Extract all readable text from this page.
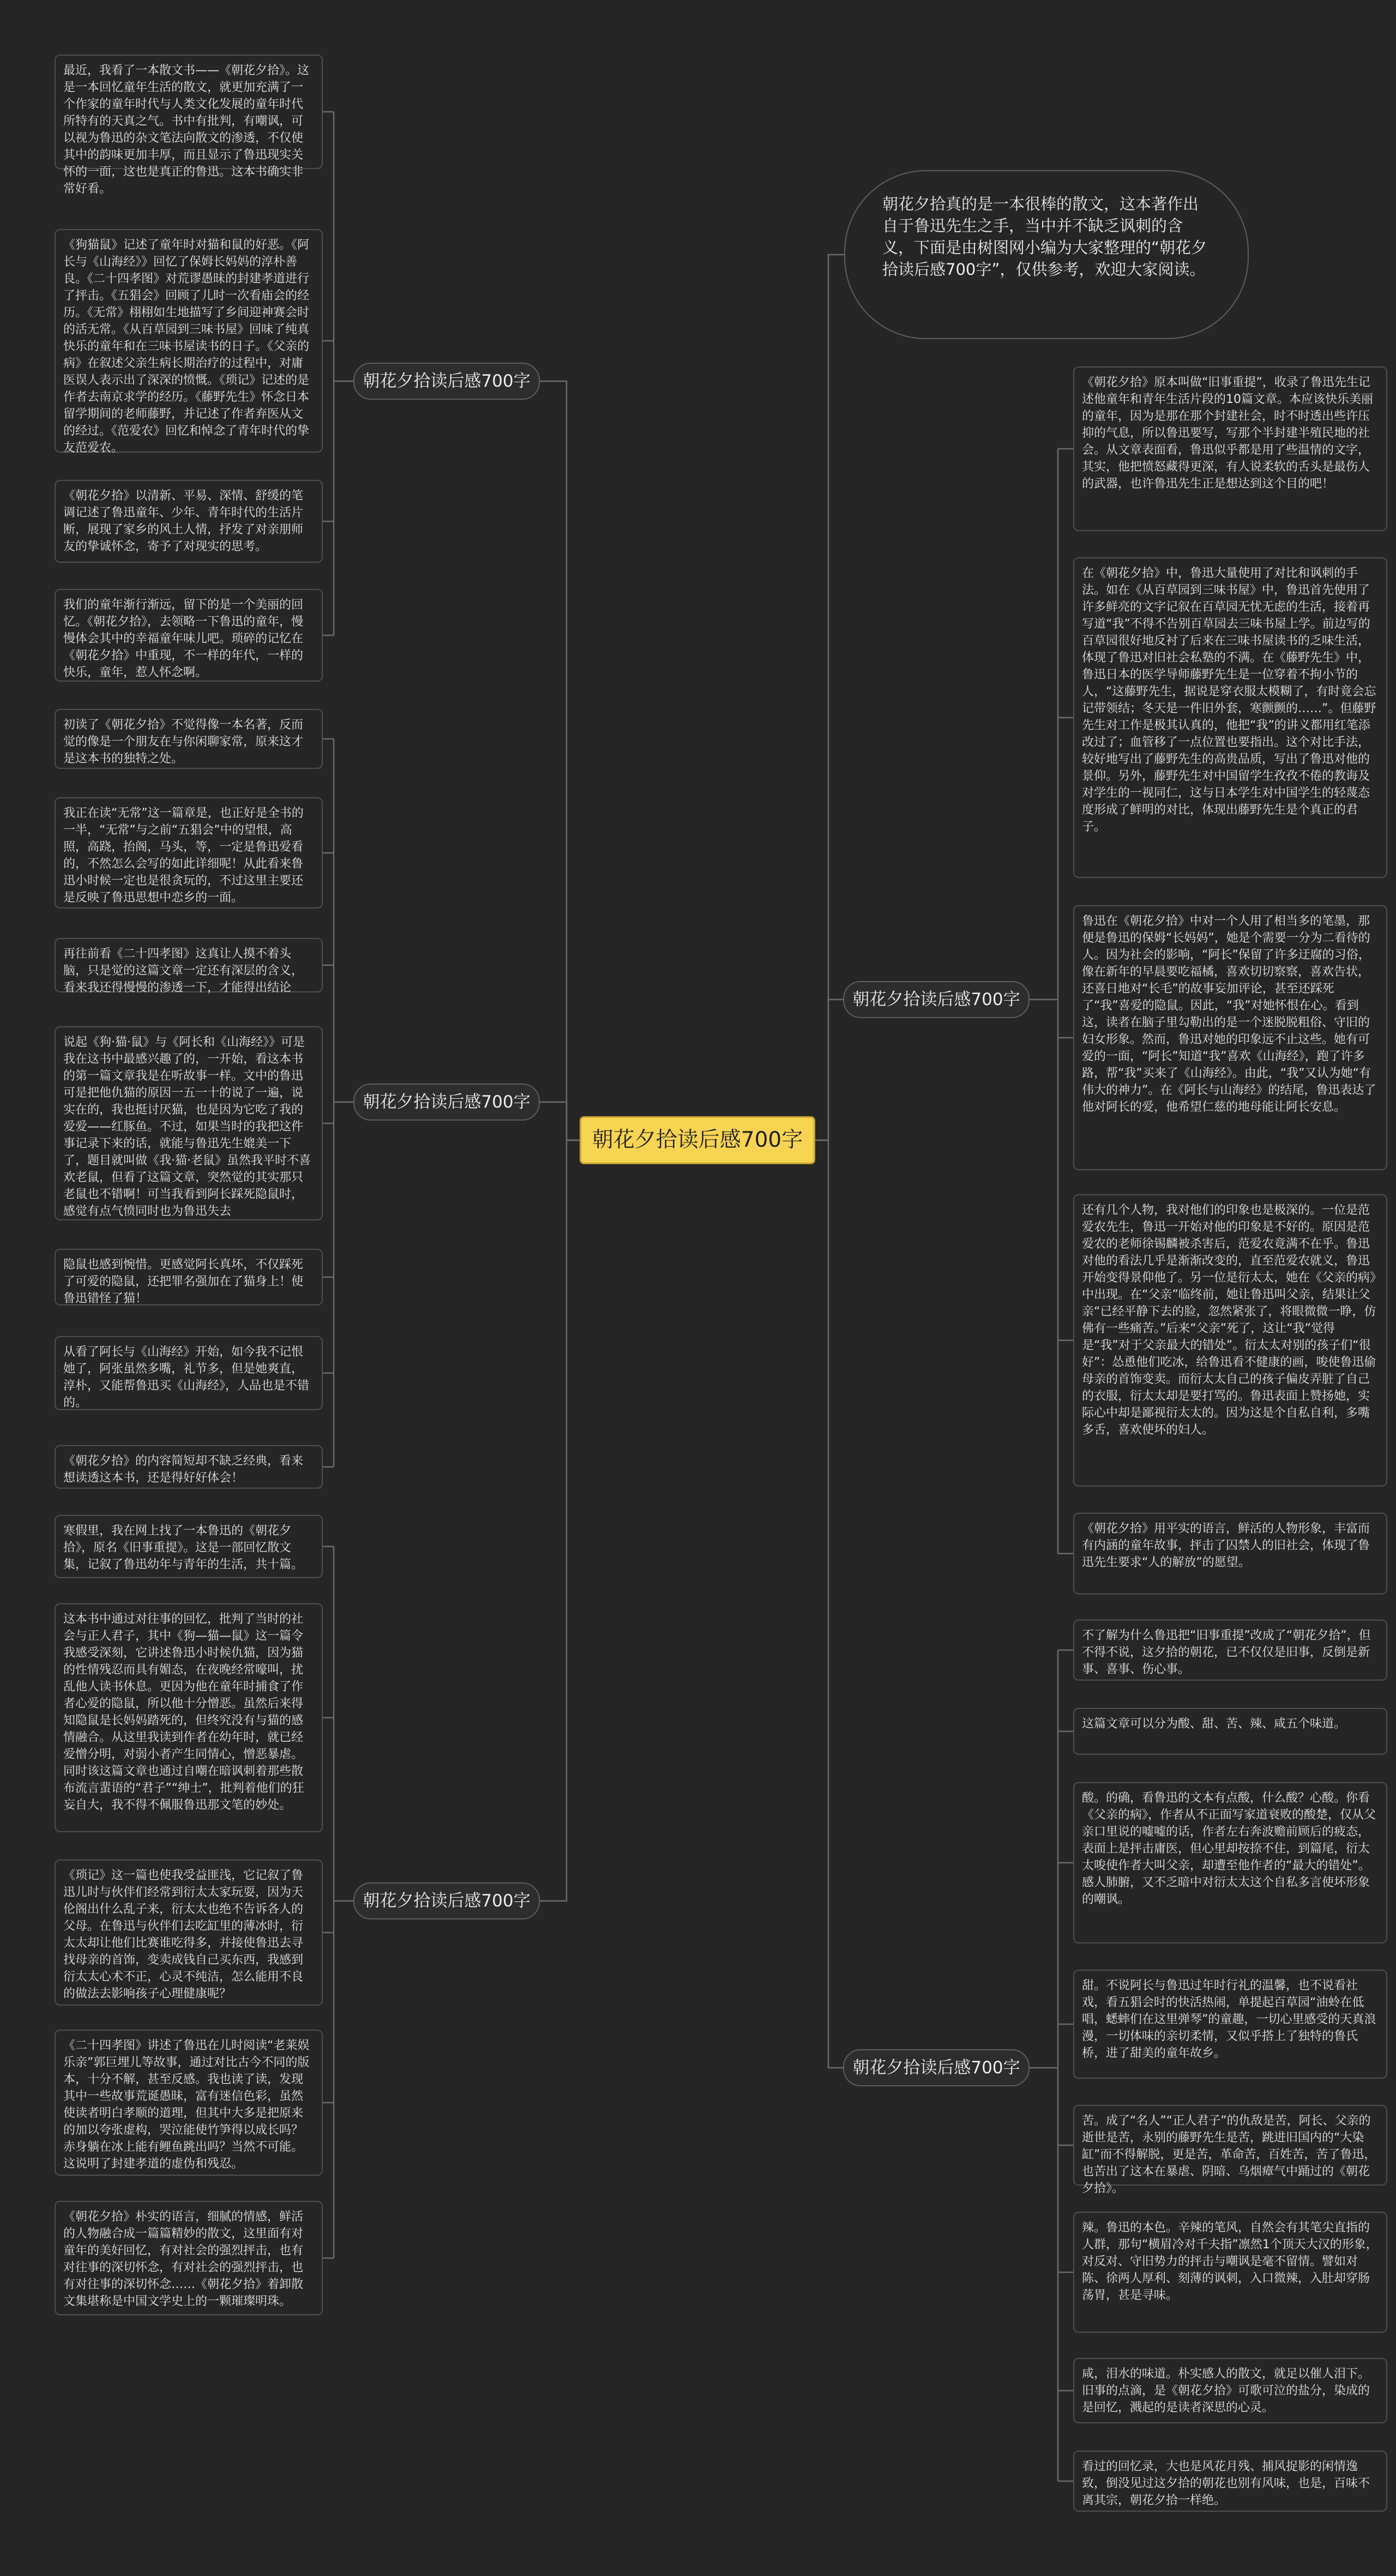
朝花夕拾读后感700字
朝花夕拾真的是一本很棒的散文，这本著作出自于鲁迅先生之手，当中并不缺乏讽刺的含义，下面是由树图网小编为大家整理的“朝花夕拾读后感700字”，仅供参考，欢迎大家阅读。
朝花夕拾读后感700字
朝花夕拾读后感700字
朝花夕拾读后感700字
朝花夕拾读后感700字
朝花夕拾读后感700字
最近，我看了一本散文书——《朝花夕拾》。这是一本回忆童年生活的散文，就更加充满了一个作家的童年时代与人类文化发展的童年时代所特有的天真之气。书中有批判，有嘲讽，可以视为鲁迅的杂文笔法向散文的渗透，不仅使其中的韵味更加丰厚，而且显示了鲁迅现实关怀的一面，这也是真正的鲁迅。这本书确实非常好看。
《狗猫鼠》记述了童年时对猫和鼠的好恶。《阿长与《山海经》》回忆了保姆长妈妈的淳朴善良。《二十四孝图》对荒谬愚昧的封建孝道进行了抨击。《五猖会》回顾了儿时一次看庙会的经历。《无常》栩栩如生地描写了乡间迎神赛会时的活无常。《从百草园到三味书屋》回味了纯真快乐的童年和在三味书屋读书的日子。《父亲的病》在叙述父亲生病长期治疗的过程中，对庸医误人表示出了深深的愤慨。《琐记》记述的是作者去南京求学的经历。《藤野先生》怀念日本留学期间的老师藤野，并记述了作者弃医从文的经过。《范爱农》回忆和悼念了青年时代的挚友范爱农。
《朝花夕拾》以清新、平易、深情、舒缓的笔调记述了鲁迅童年、少年、青年时代的生活片断，展现了家乡的风土人情，抒发了对亲朋师友的挚诚怀念，寄予了对现实的思考。
我们的童年渐行渐远，留下的是一个美丽的回忆。《朝花夕拾》，去领略一下鲁迅的童年，慢慢体会其中的幸福童年味儿吧。琐碎的记忆在《朝花夕拾》中重现，不一样的年代，一样的快乐，童年，惹人怀念啊。
初读了《朝花夕拾》不觉得像一本名著，反而觉的像是一个朋友在与你闲聊家常，原来这才是这本书的独特之处。
我正在读“无常”这一篇章是，也正好是全书的一半，“无常”与之前“五猖会”中的望恨，高照，高跷，抬阁，马头，等，一定是鲁迅爱看的，不然怎么会写的如此详细呢！从此看来鲁迅小时候一定也是很贪玩的，不过这里主要还是反映了鲁迅思想中恋乡的一面。
再往前看《二十四孝图》这真让人摸不着头脑，只是觉的这篇文章一定还有深层的含义，看来我还得慢慢的渗透一下，才能得出结论
说起《狗·猫·鼠》与《阿长和《山海经》》可是我在这书中最感兴趣了的，一开始，看这本书的第一篇文章我是在听故事一样。文中的鲁迅可是把他仇猫的原因一五一十的说了一遍，说实在的，我也挺讨厌猫，也是因为它吃了我的爱爱——红豚鱼。不过，如果当时的我把这件事记录下来的话，就能与鲁迅先生媲美一下了，题目就叫做《我·猫·老鼠》虽然我平时不喜欢老鼠，但看了这篇文章，突然觉的其实那只老鼠也不错啊！可当我看到阿长踩死隐鼠时，感觉有点气愤同时也为鲁迅失去
隐鼠也感到惋惜。更感觉阿长真坏，不仅踩死了可爱的隐鼠，还把罪名强加在了猫身上！使鲁迅错怪了猫！
从看了阿长与《山海经》开始，如今我不记恨她了，阿张虽然多嘴，礼节多，但是她爽直，淳朴，又能帮鲁迅买《山海经》，人品也是不错的。
《朝花夕拾》的内容简短却不缺乏经典，看来想读透这本书，还是得好好体会！
寒假里，我在网上找了一本鲁迅的《朝花夕拾》，原名《旧事重提》。这是一部回忆散文集，记叙了鲁迅幼年与青年的生活，共十篇。
这本书中通过对往事的回忆，批判了当时的社会与正人君子，其中《狗—猫—鼠》这一篇令我感受深刻，它讲述鲁迅小时候仇猫，因为猫的性情残忍而具有媚态，在夜晚经常嚎叫，扰乱他人读书休息。更因为他在童年时捕食了作者心爱的隐鼠，所以他十分憎恶。虽然后来得知隐鼠是长妈妈踏死的，但终究没有与猫的感情融合。从这里我读到作者在幼年时，就已经爱憎分明，对弱小者产生同情心，憎恶暴虐。同时该这篇文章也通过自嘲在暗讽刺着那些散布流言蜚语的“君子”“绅士”，批判着他们的狂妄自大，我不得不佩服鲁迅那文笔的妙处。
《琐记》这一篇也使我受益匪浅，它记叙了鲁迅儿时与伙伴们经常到衍太太家玩耍，因为天伦阁出什么乱子来，衍太太也绝不告诉各人的父母。在鲁迅与伙伴们去吃缸里的薄冰时，衍太太却让他们比赛谁吃得多，并接使鲁迅去寻找母亲的首饰，变卖成钱自己买东西，我感到衍太太心术不正，心灵不纯洁，怎么能用不良的做法去影响孩子心理健康呢？
《二十四孝图》讲述了鲁迅在儿时阅读“老莱娱乐亲”郭巨埋儿等故事，通过对比古今不同的版本，十分不解，甚至反感。我也读了读，发现其中一些故事荒诞愚昧，富有迷信色彩，虽然使读者明白孝顺的道理，但其中大多是把原来的加以夸张虚构，哭泣能使竹笋得以成长吗？赤身躺在冰上能有鲤鱼跳出吗？当然不可能。这说明了封建孝道的虚伪和残忍。
《朝花夕拾》朴实的语言，细腻的情感，鲜活的人物融合成一篇篇精妙的散文，这里面有对童年的美好回忆，有对社会的强烈抨击，也有对往事的深切怀念，有对社会的强烈抨击，也有对往事的深切怀念……《朝花夕拾》着卸散文集堪称是中国文学史上的一颗璀璨明珠。
《朝花夕拾》原本叫做“旧事重提”，收录了鲁迅先生记述他童年和青年生活片段的10篇文章。本应该快乐美丽的童年，因为是那在那个封建社会，时不时透出些许压抑的气息，所以鲁迅要写，写那个半封建半殖民地的社会。从文章表面看，鲁迅似乎都是用了些温情的文字，其实，他把愤怒藏得更深，有人说柔软的舌头是最伤人的武器，也许鲁迅先生正是想达到这个目的吧！
在《朝花夕拾》中，鲁迅大量使用了对比和讽刺的手法。如在《从百草园到三味书屋》中，鲁迅首先使用了许多鲜亮的文字记叙在百草园无忧无虑的生活，接着再写道“我”不得不告别百草园去三味书屋上学。前边写的百草园很好地反衬了后来在三味书屋读书的乏味生活，体现了鲁迅对旧社会私塾的不满。在《藤野先生》中，鲁迅日本的医学导师藤野先生是一位穿着不拘小节的人，“这藤野先生，据说是穿衣服太模糊了，有时竟会忘记带领结；冬天是一件旧外套，寒颤颤的……”。但藤野先生对工作是极其认真的，他把“我”的讲义都用红笔添改过了；血管移了一点位置也要指出。这个对比手法，较好地写出了藤野先生的高贵品质，写出了鲁迅对他的景仰。另外，藤野先生对中国留学生孜孜不倦的教诲及对学生的一视同仁，这与日本学生对中国学生的轻蔑态度形成了鲜明的对比，体现出藤野先生是个真正的君子。
鲁迅在《朝花夕拾》中对一个人用了相当多的笔墨，那便是鲁迅的保姆“长妈妈”，她是个需要一分为二看待的人。因为社会的影响，“阿长”保留了许多迂腐的习俗，像在新年的早晨要吃福橘，喜欢切切察察，喜欢告状，还喜日地对“长毛”的故事妄加评论，甚至还踩死了“我”喜爱的隐鼠。因此，“我”对她怀恨在心。看到这，读者在脑子里勾勒出的是一个迷脱脱粗俗、守旧的妇女形象。然而，鲁迅对她的印象远不止这些。她有可爱的一面，“阿长”知道“我”喜欢《山海经》，跑了许多路，帮“我”买来了《山海经》。由此，“我”又认为她“有伟大的神力”。在《阿长与山海经》的结尾，鲁迅表达了他对阿长的爱，他希望仁慈的地母能让阿长安息。
还有几个人物，我对他们的印象也是极深的。一位是范爱农先生，鲁迅一开始对他的印象是不好的。原因是范爱农的老师徐锡麟被杀害后，范爱农竟满不在乎。鲁迅对他的看法几乎是渐渐改变的，直至范爱农就义，鲁迅开始变得景仰他了。另一位是衍太太，她在《父亲的病》中出现。在“父亲”临终前，她让鲁迅叫父亲，结果让父亲“已经平静下去的脸，忽然紧张了，将眼微微一睁，仿佛有一些痛苦。”后来“父亲”死了，这让“我”觉得是“我”对于父亲最大的错处”。衍太太对别的孩子们“很好”：怂恿他们吃冰，给鲁迅看不健康的画，唆使鲁迅偷母亲的首饰变卖。而衍太太自己的孩子偏皮弄脏了自己的衣服，衍太太却是要打骂的。鲁迅表面上赞扬她，实际心中却是鄙视衍太太的。因为这是个自私自利，多嘴多舌，喜欢使坏的妇人。
《朝花夕拾》用平实的语言，鲜活的人物形象，丰富而有内涵的童年故事，抨击了囚禁人的旧社会，体现了鲁迅先生要求“人的解放”的愿望。
不了解为什么鲁迅把“旧事重提”改成了“朝花夕拾”，但不得不说，这夕拾的朝花，已不仅仅是旧事，反倒是新事、喜事、伤心事。
这篇文章可以分为酸、甜、苦、辣、咸五个味道。
酸。的确，看鲁迅的文本有点酸，什么酸？心酸。你看《父亲的病》，作者从不正面写家道衰败的酸楚，仅从父亲口里说的嘘嘘的话，作者左右奔波赡前顾后的疲态，表面上是抨击庸医，但心里却按捺不住，到篇尾，衍太太唆使作者大叫父亲，却遭至他作者的“最大的错处”。感人肺腑，又不乏暗中对衍太太这个自私多言使坏形象的嘲讽。
甜。不说阿长与鲁迅过年时行礼的温馨，也不说看社戏，看五猖会时的快活热闹，单提起百草园“油蛉在低唱，蟋蟀们在这里弹琴”的童趣，一切心里感受的天真浪漫，一切体味的亲切柔情，又似乎搭上了独特的鲁氏桥，进了甜美的童年故乡。
苦。成了“名人”“正人君子”的仇敌是苦，阿长、父亲的逝世是苦，永别的藤野先生是苦，跳进旧国内的“大染缸”而不得解脱，更是苦，革命苦，百姓苦，苦了鲁迅，也苦出了这本在暴虐、阴暗、乌烟瘴气中踊过的《朝花夕拾》。
辣。鲁迅的本色。辛辣的笔风，自然会有其笔尖直指的人群，那句“横眉冷对千夫指”凛然1个顶天大汉的形象，对反对、守旧势力的抨击与嘲讽是毫不留情。譬如对陈、徐两人厚利、刻薄的讽刺，入口微辣，入肚却穿肠荡胃，甚是寻味。
咸，泪水的味道。朴实感人的散文，就足以催人泪下。旧事的点滴，是《朝花夕拾》可歌可泣的盐分，染成的是回忆，溅起的是读者深思的心灵。
看过的回忆录，大也是风花月残、捕风捉影的闲情逸致，倒没见过这夕拾的朝花也别有风味，也是，百味不离其宗，朝花夕拾一样绝。
